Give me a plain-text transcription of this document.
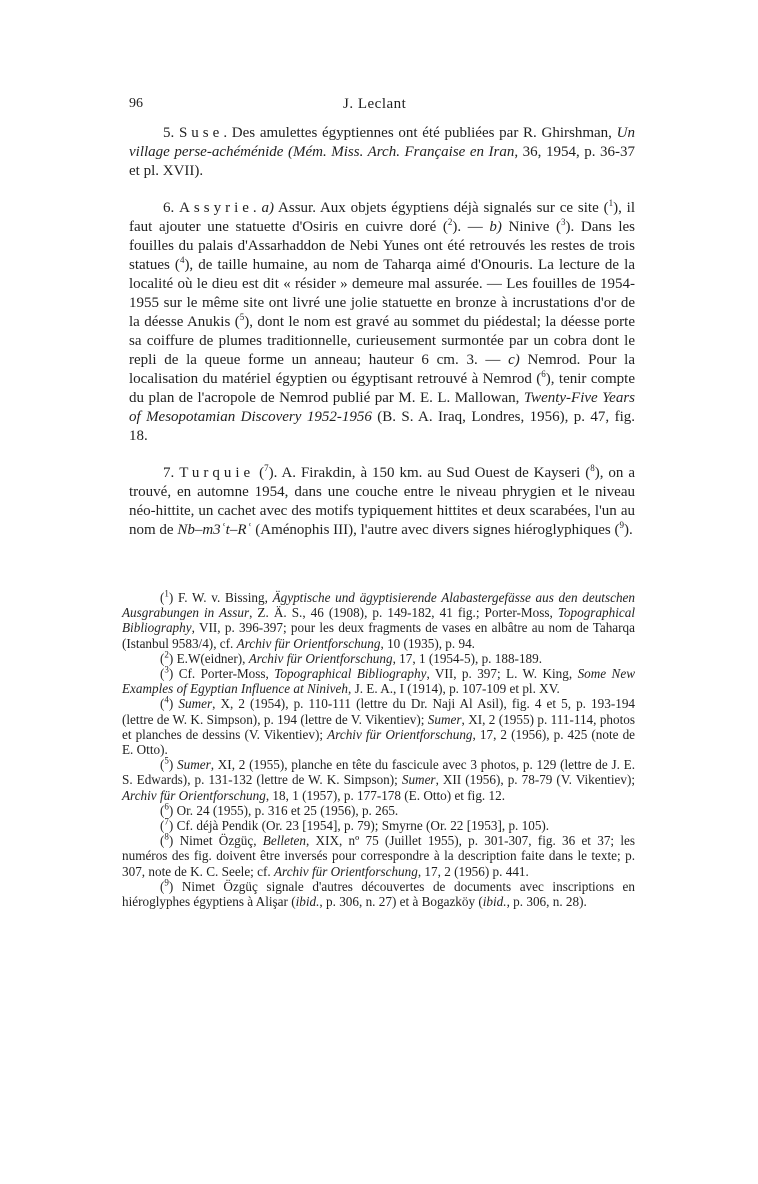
96	J. Leclant

5. Suse. Des amulettes égyptiennes ont été publiées par R. Ghirshman, Un village perse-achéménide (Mém. Miss. Arch. Française en Iran, 36, 1954, p. 36-37 et pl. XVII).

6. Assyrie. a) Assur. Aux objets égyptiens déjà signalés sur ce site ($^1$), il faut ajouter une statuette d'Osiris en cuivre doré ($^2$). — b) Ninive ($^3$). Dans les fouilles du palais d'Assarhaddon de Nebi Yunes ont été retrouvés les restes de trois statues ($^4$), de taille humaine, au nom de Taharqa aimé d'Onouris. La lecture de la localité où le dieu est dit « résider » demeure mal assurée. — Les fouilles de 1954-1955 sur le même site ont livré une jolie statuette en bronze à incrustations d'or de la déesse Anukis ($^5$), dont le nom est gravé au sommet du piédestal; la déesse porte sa coiffure de plumes traditionnelle, curieusement surmontée par un cobra dont le repli de la queue forme un anneau; hauteur 6 cm. 3. — c) Nemrod. Pour la localisation du matériel égyptien ou égyptisant retrouvé à Nemrod ($^6$), tenir compte du plan de l'acropole de Nemrod publié par M. E. L. Mallowan, Twenty-Five Years of Mesopotamian Discovery 1952-1956 (B. S. A. Iraq, Londres, 1956), p. 47, fig. 18.

7. Turquie ($^7$). A. Firakdin, à 150 km. au Sud Ouest de Kayseri ($^8$), on a trouvé, en automne 1954, dans une couche entre le niveau phrygien et le niveau néo-hittite, un cachet avec des motifs typiquement hittites et deux scarabées, l'un au nom de Nb–m3ʿt–Rʿ (Aménophis III), l'autre avec divers signes hiéroglyphiques ($^9$).

($^1$) F. W. v. Bissing, Ägyptische und ägyptisierende Alabastergefässe aus den deutschen Ausgrabungen in Assur, Z. Ä. S., 46 (1908), p. 149-182, 41 fig.; Porter-Moss, Topographical Bibliography, VII, p. 396-397; pour les deux fragments de vases en albâtre au nom de Taharqa (Istanbul 9583/4), cf. Archiv für Orientforschung, 10 (1935), p. 94.

($^2$) E.W(eidner), Archiv für Orientforschung, 17, 1 (1954-5), p. 188-189.

($^3$) Cf. Porter-Moss, Topographical Bibliography, VII, p. 397; L. W. King, Some New Examples of Egyptian Influence at Niniveh, J. E. A., I (1914), p. 107-109 et pl. XV.

($^4$) Sumer, X, 2 (1954), p. 110-111 (lettre du Dr. Naji Al Asil), fig. 4 et 5, p. 193-194 (lettre de W. K. Simpson), p. 194 (lettre de V. Vikentiev); Sumer, XI, 2 (1955) p. 111-114, photos et planches de dessins (V. Vikentiev); Archiv für Orientforschung, 17, 2 (1956), p. 425 (note de E. Otto).

($^5$) Sumer, XI, 2 (1955), planche en tête du fascicule avec 3 photos, p. 129 (lettre de J. E. S. Edwards), p. 131-132 (lettre de W. K. Simpson); Sumer, XII (1956), p. 78-79 (V. Vikentiev); Archiv für Orientforschung, 18, 1 (1957), p. 177-178 (E. Otto) et fig. 12.

($^6$) Or. 24 (1955), p. 316 et 25 (1956), p. 265.

($^7$) Cf. déjà Pendik (Or. 23 [1954], p. 79); Smyrne (Or. 22 [1953], p. 105).

($^8$) Nimet Özgüç, Belleten, XIX, nº 75 (Juillet 1955), p. 301-307, fig. 36 et 37; les numéros des fig. doivent être inversés pour correspondre à la description faite dans le texte; p. 307, note de K. C. Seele; cf. Archiv für Orientforschung, 17, 2 (1956) p. 441.

($^9$) Nimet Özgüç signale d'autres découvertes de documents avec inscriptions en hiéroglyphes égyptiens à Alişar (ibid., p. 306, n. 27) et à Bogazköy (ibid., p. 306, n. 28).
